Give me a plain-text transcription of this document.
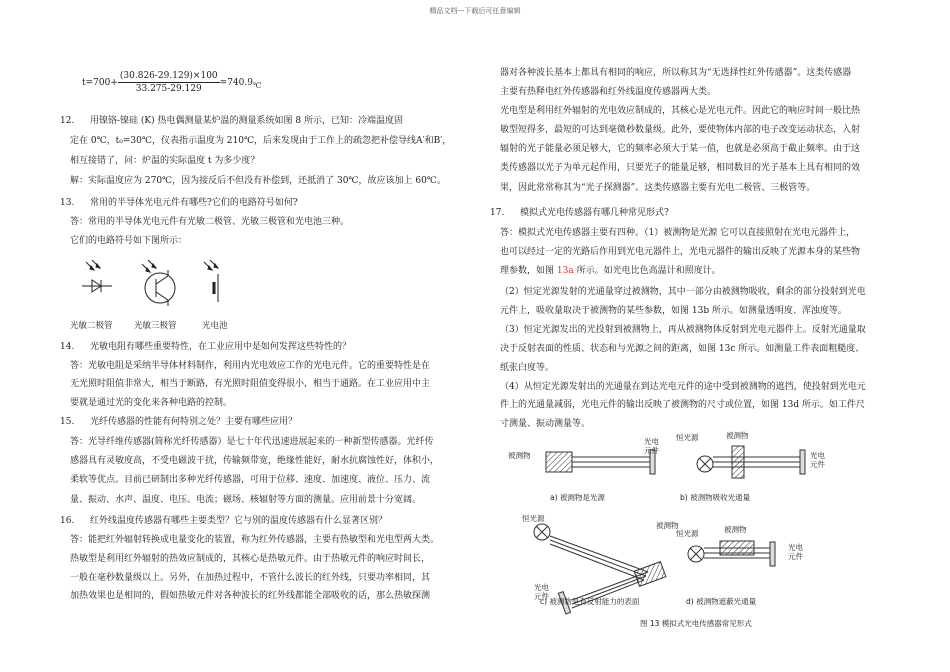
精品文档---下载后可任意编辑
$t=700+ \frac{(30.826-29.129)\times 100}{33.275-29.129} =740.9_℃$
光敏二极管	光敏三极管	光电池
12. 用镍铬-镍硅 (K) 热电偶测量某炉温的测量系统如图 8 所示，已知：冷端温度固
定在 0℃，t₀=30℃，仪表指示温度为 210℃，后来发现由于工作上的疏忽把补偿导线A′和B′，
相互接错了，问：炉温的实际温度 t 为多少度？
解：实际温度应为 270℃，因为接反后不但没有补偿到，还抵消了 30℃，故应该加上 60℃。
13. 常用的半导体光电元件有哪些?它们的电路符号如何?
答：常用的半导体光电元件有光敏二极管、光敏三极管和光电池三种。
它们的电路符号如下图所示：
14. 光敏电阻有哪些重要特性，在工业应用中是如何发挥这些特性的？
答：光敏电阻是采纳半导体材料制作，利用内光电效应工作的光电元件。它的重要特性是在
无光照时阻值非常大，相当于断路，有光照时阻值变得很小，相当于通路。在工业应用中主
要就是通过光的变化来各种电路的控制。
15. 光纤传感器的性能有何特别之处？主要有哪些应用？
答：光导纤维传感器(简称光纤传感器）是七十年代迅速进展起来的一种新型传感器。光纤传
感器具有灵敏度高，不受电磁波干扰，传输频带宽，绝缘性能好，耐水抗腐蚀性好，体积小，
柔软等优点。目前已研制出多种光纤传感器，可用于位移、速度、加速度、液位、压力、流
量、振动、水声、温度、电压、电流；磁场、核辐射等方面的测量。应用前景十分宽阔。
16. 红外线温度传感器有哪些主要类型？它与别的温度传感器有什么显著区别？
答：能把红外辐射转换成电量变化的装置，称为红外传感器，主要有热敏型和光电型两大类。
热敏型是利用红外辐射的热效应制成的，其核心是热敏元件。由于热敏元件的响应时间长，
一般在毫秒数量级以上。另外，在加热过程中，不管什么波长的红外线，只要功率相同，其
加热效果也是相同的，假如热敏元件对各种波长的红外线都能全部吸收的话，那么热敏探测
器对各种波长基本上都具有相同的响应，所以称其为“无选择性红外传感器”。这类传感器
主要有热释电红外传感器和红外线温度传感器两大类。
光电型是利用红外辐射的光电效应制成的，其核心是光电元件。因此它的响应时间一般比热
敏型短得多，最短的可达到毫微秒数量级。此外，要使物体内部的电子改变运动状态，入射
辐射的光子能量必须足够大，它的频率必须大于某一值，也就是必须高于截止频率。由于这
类传感器以光子为单元起作用，只要光子的能量足够，相同数目的光子基本上具有相同的效
果，因此常常称其为“光子探测器”。这类传感器主要有光电二极管、三极管等。
17. 模拟式光电传感器有哪几种常见形式?
答：模拟式光电传感器主要有四种。（1）被测物是光源 它可以直接照射在光电元器件上，
也可以经过一定的光路后作用到光电元器件上，光电元器件的输出反映了光源本身的某些物
理参数，如图 13a 所示。如光电比色高温计和照度计。
（2）恒定光源发射的光通量穿过被测物，其中一部分由被测物吸收，剩余的部分投射到光电
元件上，吸收量取决于被测物的某些参数，如图 13b 所示。如测量透明度、浑浊度等。
（3）恒定光源发出的光投射到被测物上，再从被测物体反射到光电元器件上。反射光通量取
决于反射表面的性质、状态和与光源之间的距离，如图 13c 所示。如测量工件表面粗糙度、
纸张白度等。
（4）从恒定光源发射出的光通量在到达光电元件的途中受到被测物的遮挡，使投射到光电元
件上的光通量减弱，光电元件的输出反映了被测物的尺寸或位置，如图 13d 所示。如工件尺
寸测量、振动测量等。
被测物
光电
元件
恒光源	被测物
光电
元件
恒光源
被测物
光电
元件
恒光源	被测物
光电
元件
a) 被测物是光源	b) 被测物吸收光通量
c) 被测物是有反射能力的表面	d) 被测物遮蔽光通量
图 13 模拟式光电传感器常见形式
